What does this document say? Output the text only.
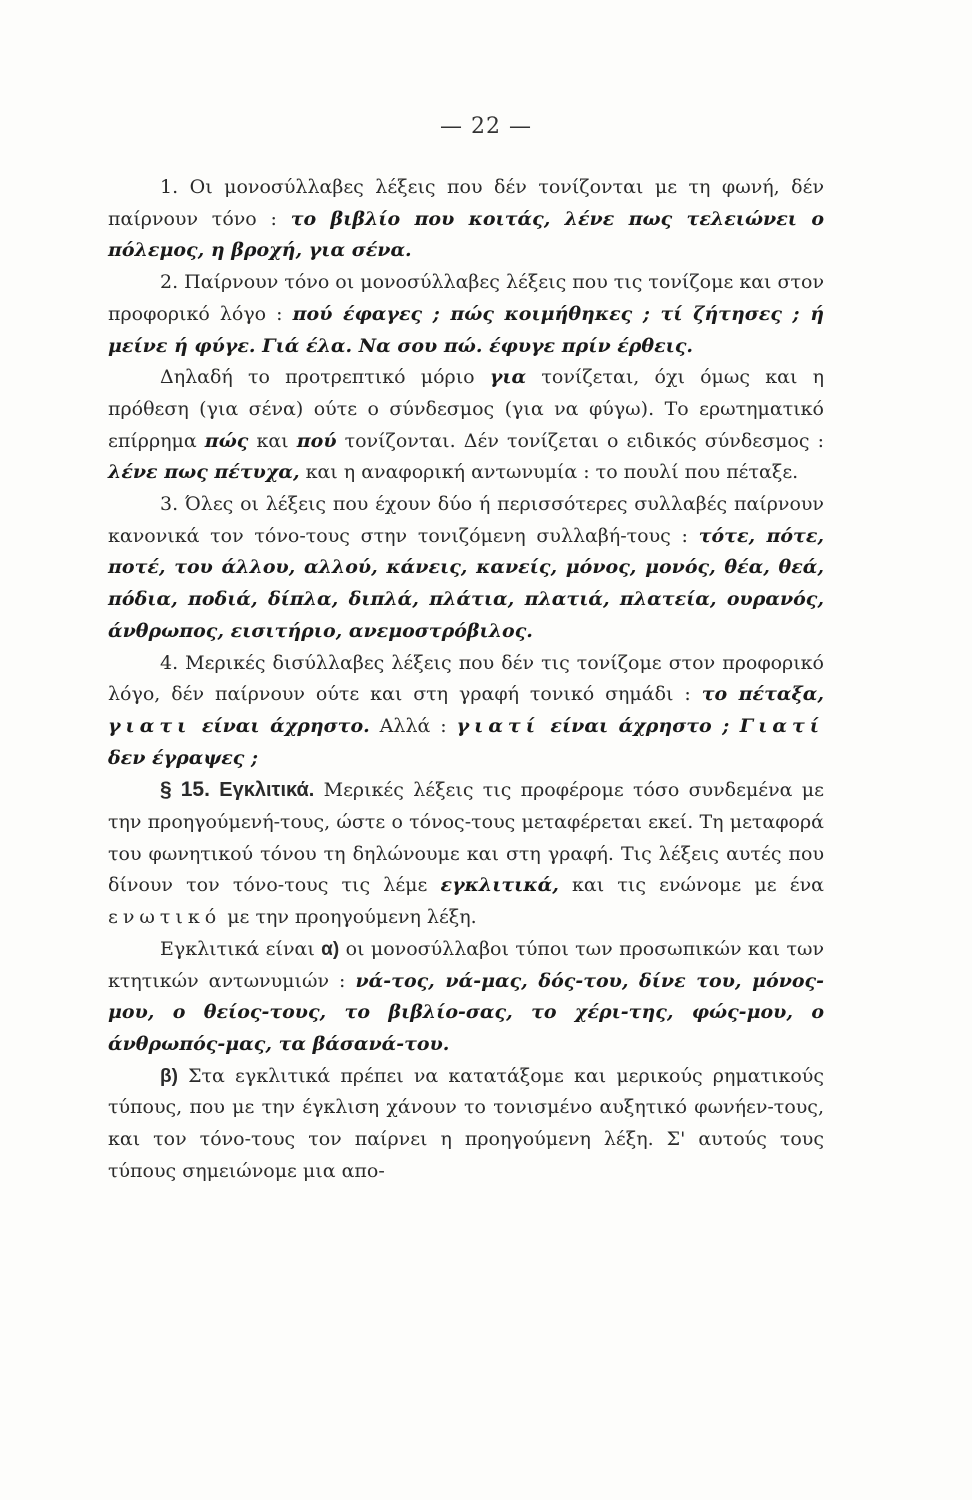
— 22 —

1. Οι μονοσύλλαβες λέξεις που δέν τονίζονται με τη φωνή, δέν παίρνουν τόνο : το βιβλίο που κοιτάς, λένε πως τελειώνει ο πόλεμος, η βροχή, για σένα.

2. Παίρνουν τόνο οι μονοσύλλαβες λέξεις που τις τονίζομε και στον προφορικό λόγο : πού έφαγες ; πώς κοιμήθηκες ; τί ζήτησες ; ή μείνε ή φύγε. Γιά έλα. Να σου πώ. έφυγε πρίν έρθεις.

Δηλαδή το προτρεπτικό μόριο για τονίζεται, όχι όμως και η πρόθεση (για σένα) ούτε ο σύνδεσμος (για να φύγω). Το ερωτηματικό επίρρημα πώς και πού τονίζονται. Δέν τονίζεται ο ειδικός σύνδεσμος : λένε πως πέτυχα, και η αναφορική αντωνυμία : το πουλί που πέταξε.

3. Όλες οι λέξεις που έχουν δύο ή περισσότερες συλλαβές παίρνουν κανονικά τον τόνο-τους στην τονιζόμενη συλλαβή-τους : τότε, πότε, ποτέ, του άλλου, αλλού, κάνεις, κανείς, μόνος, μονός, θέα, θεά, πόδια, ποδιά, δίπλα, διπλά, πλάτια, πλατιά, πλατεία, ουρανός, άνθρωπος, εισιτήριο, ανεμοστρόβιλος.

4. Μερικές δισύλλαβες λέξεις που δέν τις τονίζομε στον προφορικό λόγο, δέν παίρνουν ούτε και στη γραφή τονικό σημάδι : το πέταξα, γιατι είναι άχρηστο. Αλλά : γιατί είναι άχρηστο ; Γιατί δεν έγραψες ;

§ 15. Εγκλιτικά. Μερικές λέξεις τις προφέρομε τόσο συνδεμένα με την προηγούμενή-τους, ώστε ο τόνος-τους μεταφέρεται εκεί. Τη μεταφορά του φωνητικού τόνου τη δηλώνουμε και στη γραφή. Τις λέξεις αυτές που δίνουν τον τόνο-τους τις λέμε εγκλιτικά, και τις ενώνομε με ένα ενωτικό με την προηγούμενη λέξη.

Εγκλιτικά είναι α) οι μονοσύλλαβοι τύποι των προσωπικών και των κτητικών αντωνυμιών : νά-τος, νά-μας, δός-του, δίνε του, μόνος-μου, ο θείος-τους, το βιβλίο-σας, το χέρι-της, φώς-μου, ο άνθρωπός-μας, τα βάσανά-του.

β) Στα εγκλιτικά πρέπει να κατατάξομε και μερικούς ρηματικούς τύπους, που με την έγκλιση χάνουν το τονισμένο αυξητικό φωνήεν-τους, και τον τόνο-τους τον παίρνει η προηγούμενη λέξη. Σ' αυτούς τους τύπους σημειώνομε μια απο-
